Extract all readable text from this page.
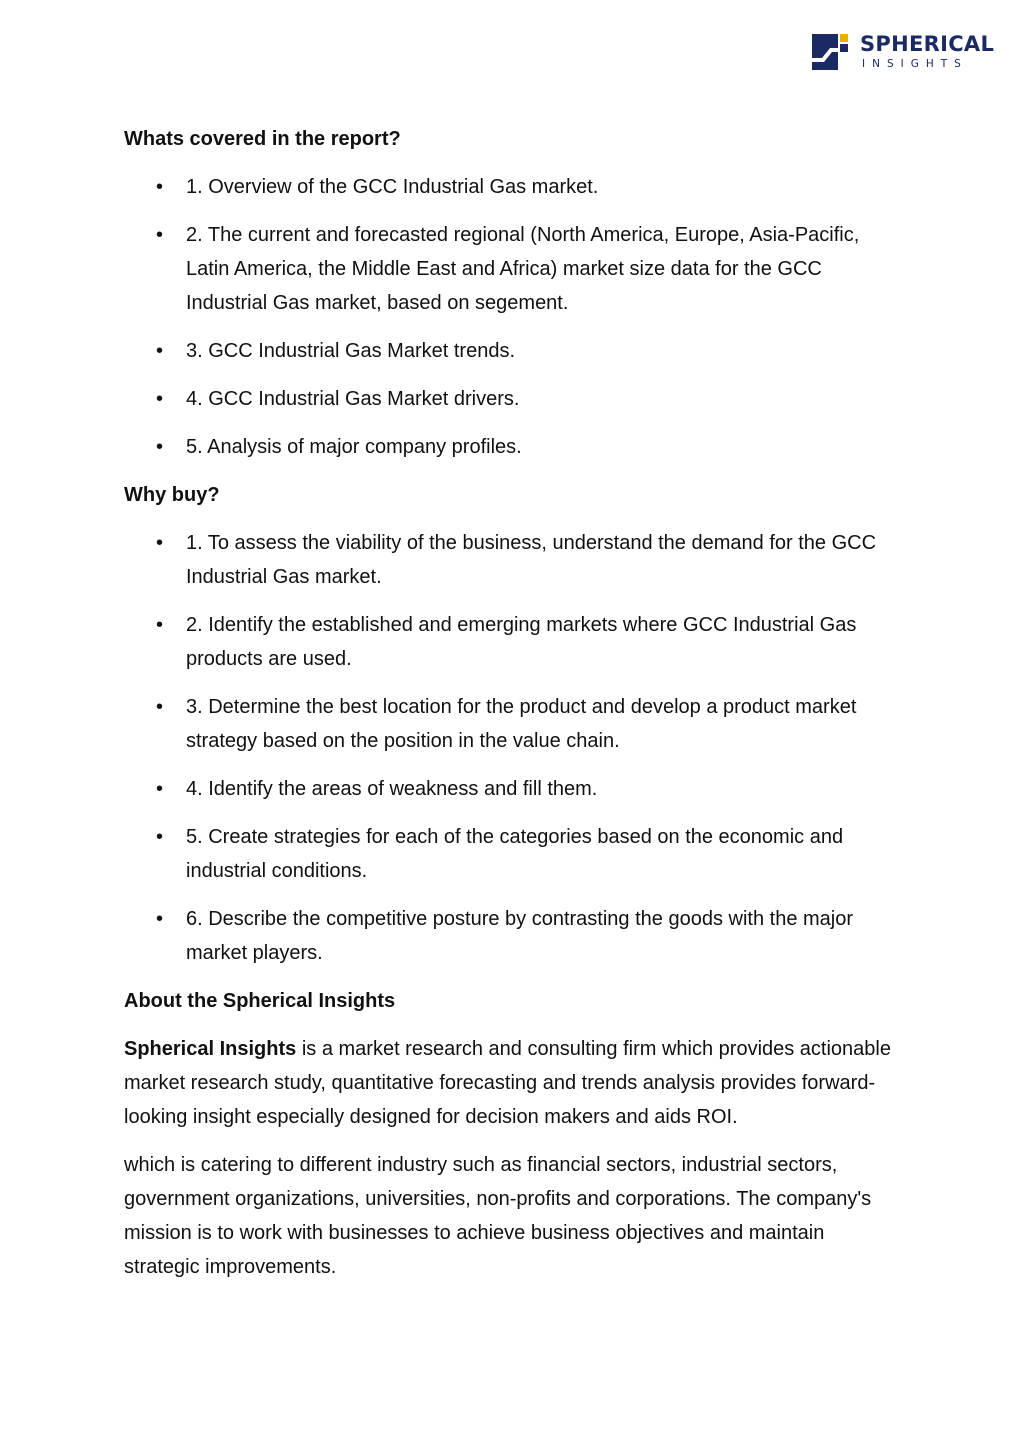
SPHERICAL
INSIGHTS
Whats covered in the report?
• 1. Overview of the GCC Industrial Gas market.
• 2. The current and forecasted regional (North America, Europe, Asia-Pacific, Latin America, the Middle East and Africa) market size data for the GCC Industrial Gas market, based on segement.
• 3. GCC Industrial Gas Market trends.
• 4. GCC Industrial Gas Market drivers.
• 5. Analysis of major company profiles.
Why buy?
• 1. To assess the viability of the business, understand the demand for the GCC Industrial Gas market.
• 2. Identify the established and emerging markets where GCC Industrial Gas products are used.
• 3. Determine the best location for the product and develop a product market strategy based on the position in the value chain.
• 4. Identify the areas of weakness and fill them.
• 5. Create strategies for each of the categories based on the economic and industrial conditions.
• 6. Describe the competitive posture by contrasting the goods with the major market players.
About the Spherical Insights

Spherical Insights is a market research and consulting firm which provides actionable market research study, quantitative forecasting and trends analysis provides forward-looking insight especially designed for decision makers and aids ROI.

which is catering to different industry such as financial sectors, industrial sectors, government organizations, universities, non-profits and corporations. The company's mission is to work with businesses to achieve business objectives and maintain strategic improvements.
